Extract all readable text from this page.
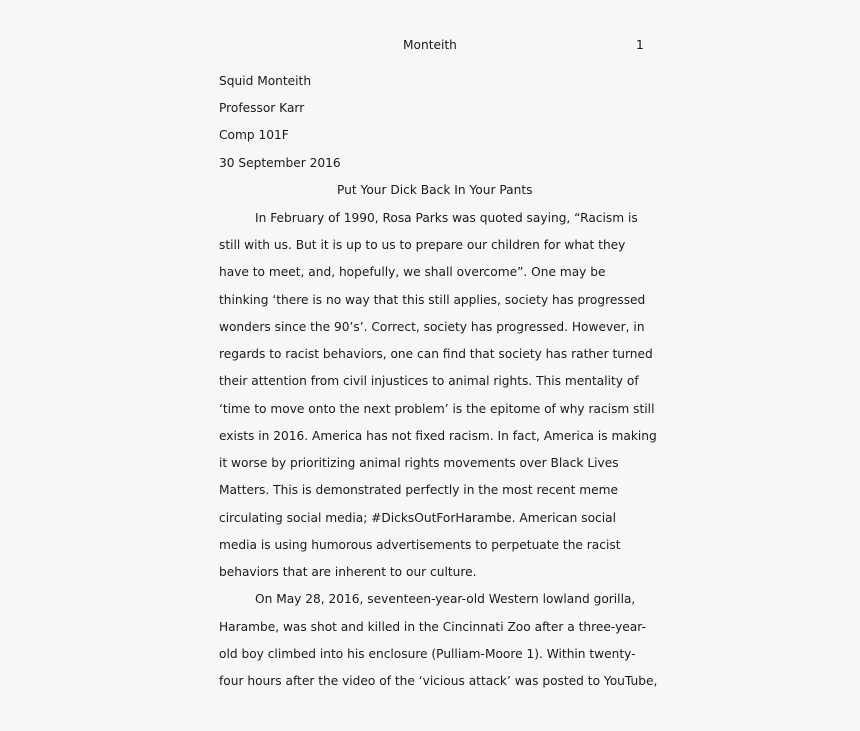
Monteith	1
Squid Monteith
Professor Karr
Comp 101F
30 September 2016
Put Your Dick Back In Your Pants
In February of 1990, Rosa Parks was quoted saying, “Racism is
still with us. But it is up to us to prepare our children for what they
have to meet, and, hopefully, we shall overcome”. One may be
thinking ‘there is no way that this still applies, society has progressed
wonders since the 90’s’. Correct, society has progressed. However, in
regards to racist behaviors, one can find that society has rather turned
their attention from civil injustices to animal rights. This mentality of
‘time to move onto the next problem’ is the epitome of why racism still
exists in 2016. America has not fixed racism. In fact, America is making
it worse by prioritizing animal rights movements over Black Lives
Matters. This is demonstrated perfectly in the most recent meme
circulating social media; #DicksOutForHarambe. American social
media is using humorous advertisements to perpetuate the racist
behaviors that are inherent to our culture.
On May 28, 2016, seventeen-year-old Western lowland gorilla,
Harambe, was shot and killed in the Cincinnati Zoo after a three-year-
old boy climbed into his enclosure (Pulliam-Moore 1). Within twenty-
four hours after the video of the ‘vicious attack’ was posted to YouTube,
